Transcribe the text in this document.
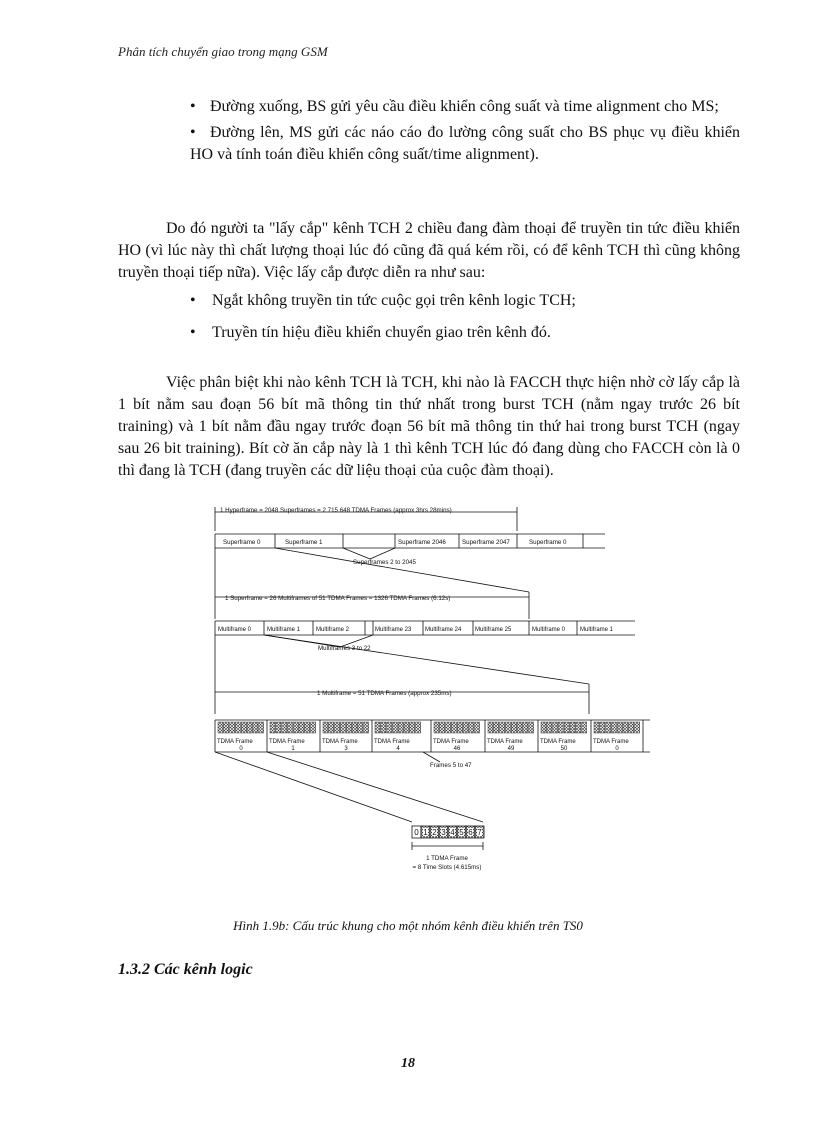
Phân tích chuyển giao trong mạng GSM
• Đường xuống, BS gửi yêu cầu điều khiển công suất và time alignment cho MS;
• Đường lên, MS gửi các náo cáo đo lường công suất cho BS phục vụ điều khiển HO và tính toán điều khiển công suất/time alignment).
Do đó người ta "lấy cắp" kênh TCH 2 chiều đang đàm thoại để truyền tin tức điều khiển HO (vì lúc này thì chất lượng thoại lúc đó cũng đã quá kém rồi, có để kênh TCH thì cũng không truyền thoại tiếp nữa). Việc lấy cắp được diễn ra như sau:
• Ngắt không truyền tin tức cuộc gọi trên kênh logic TCH;
• Truyền tín hiệu điều khiển chuyển giao trên kênh đó.
Việc phân biệt khi nào kênh TCH là TCH, khi nào là FACCH thực hiện nhờ cờ lấy cắp là 1 bít nằm sau đoạn 56 bít mã thông tin thứ nhất trong burst TCH (nằm ngay trước 26 bít training) và 1 bít nằm đầu ngay trước đoạn 56 bít mã thông tin thứ hai trong burst TCH (ngay sau 26 bit training). Bít cờ ăn cắp này là 1 thì kênh TCH lúc đó đang dùng cho FACCH còn là 0 thì đang là TCH (đang truyền các dữ liệu thoại của cuộc đàm thoại).
1 Hyperframe = 2048 Superframes = 2 715 648 TDMA Frames (approx 3hrs 28mins)
Superframe 0	Superframe 1	Superframe 2046	Superframe 2047	Superframe 0
Superframes 2 to 2045
1 Superframe = 26 Multiframes of 51 TDMA Frames = 1326 TDMA Frames (6.12s)
Multiframe 0	Multiframe 1	Multiframe 2	Multiframe 23 Multiframe 24 Multiframe 25	Multiframe 0 Multiframe 1
Multiframes 3 to 22
1 Multiframe = 51 TDMA Frames (approx 235ms)
TDMA Frame
0
TDMA Frame
1
TDMA Frame
3
TDMA Frame
4
TDMA Frame
46
TDMA Frame
49
TDMA Frame
50
TDMA Frame
0
Frames 5 to 47
0 1 2 3 4 5 6 7
1 TDMA Frame
= 8 Time Slots (4.615ms)
Hình 1.9b: Cấu trúc khung cho một nhóm kênh điều khiển trên TS0
1.3.2 Các kênh logic
18
